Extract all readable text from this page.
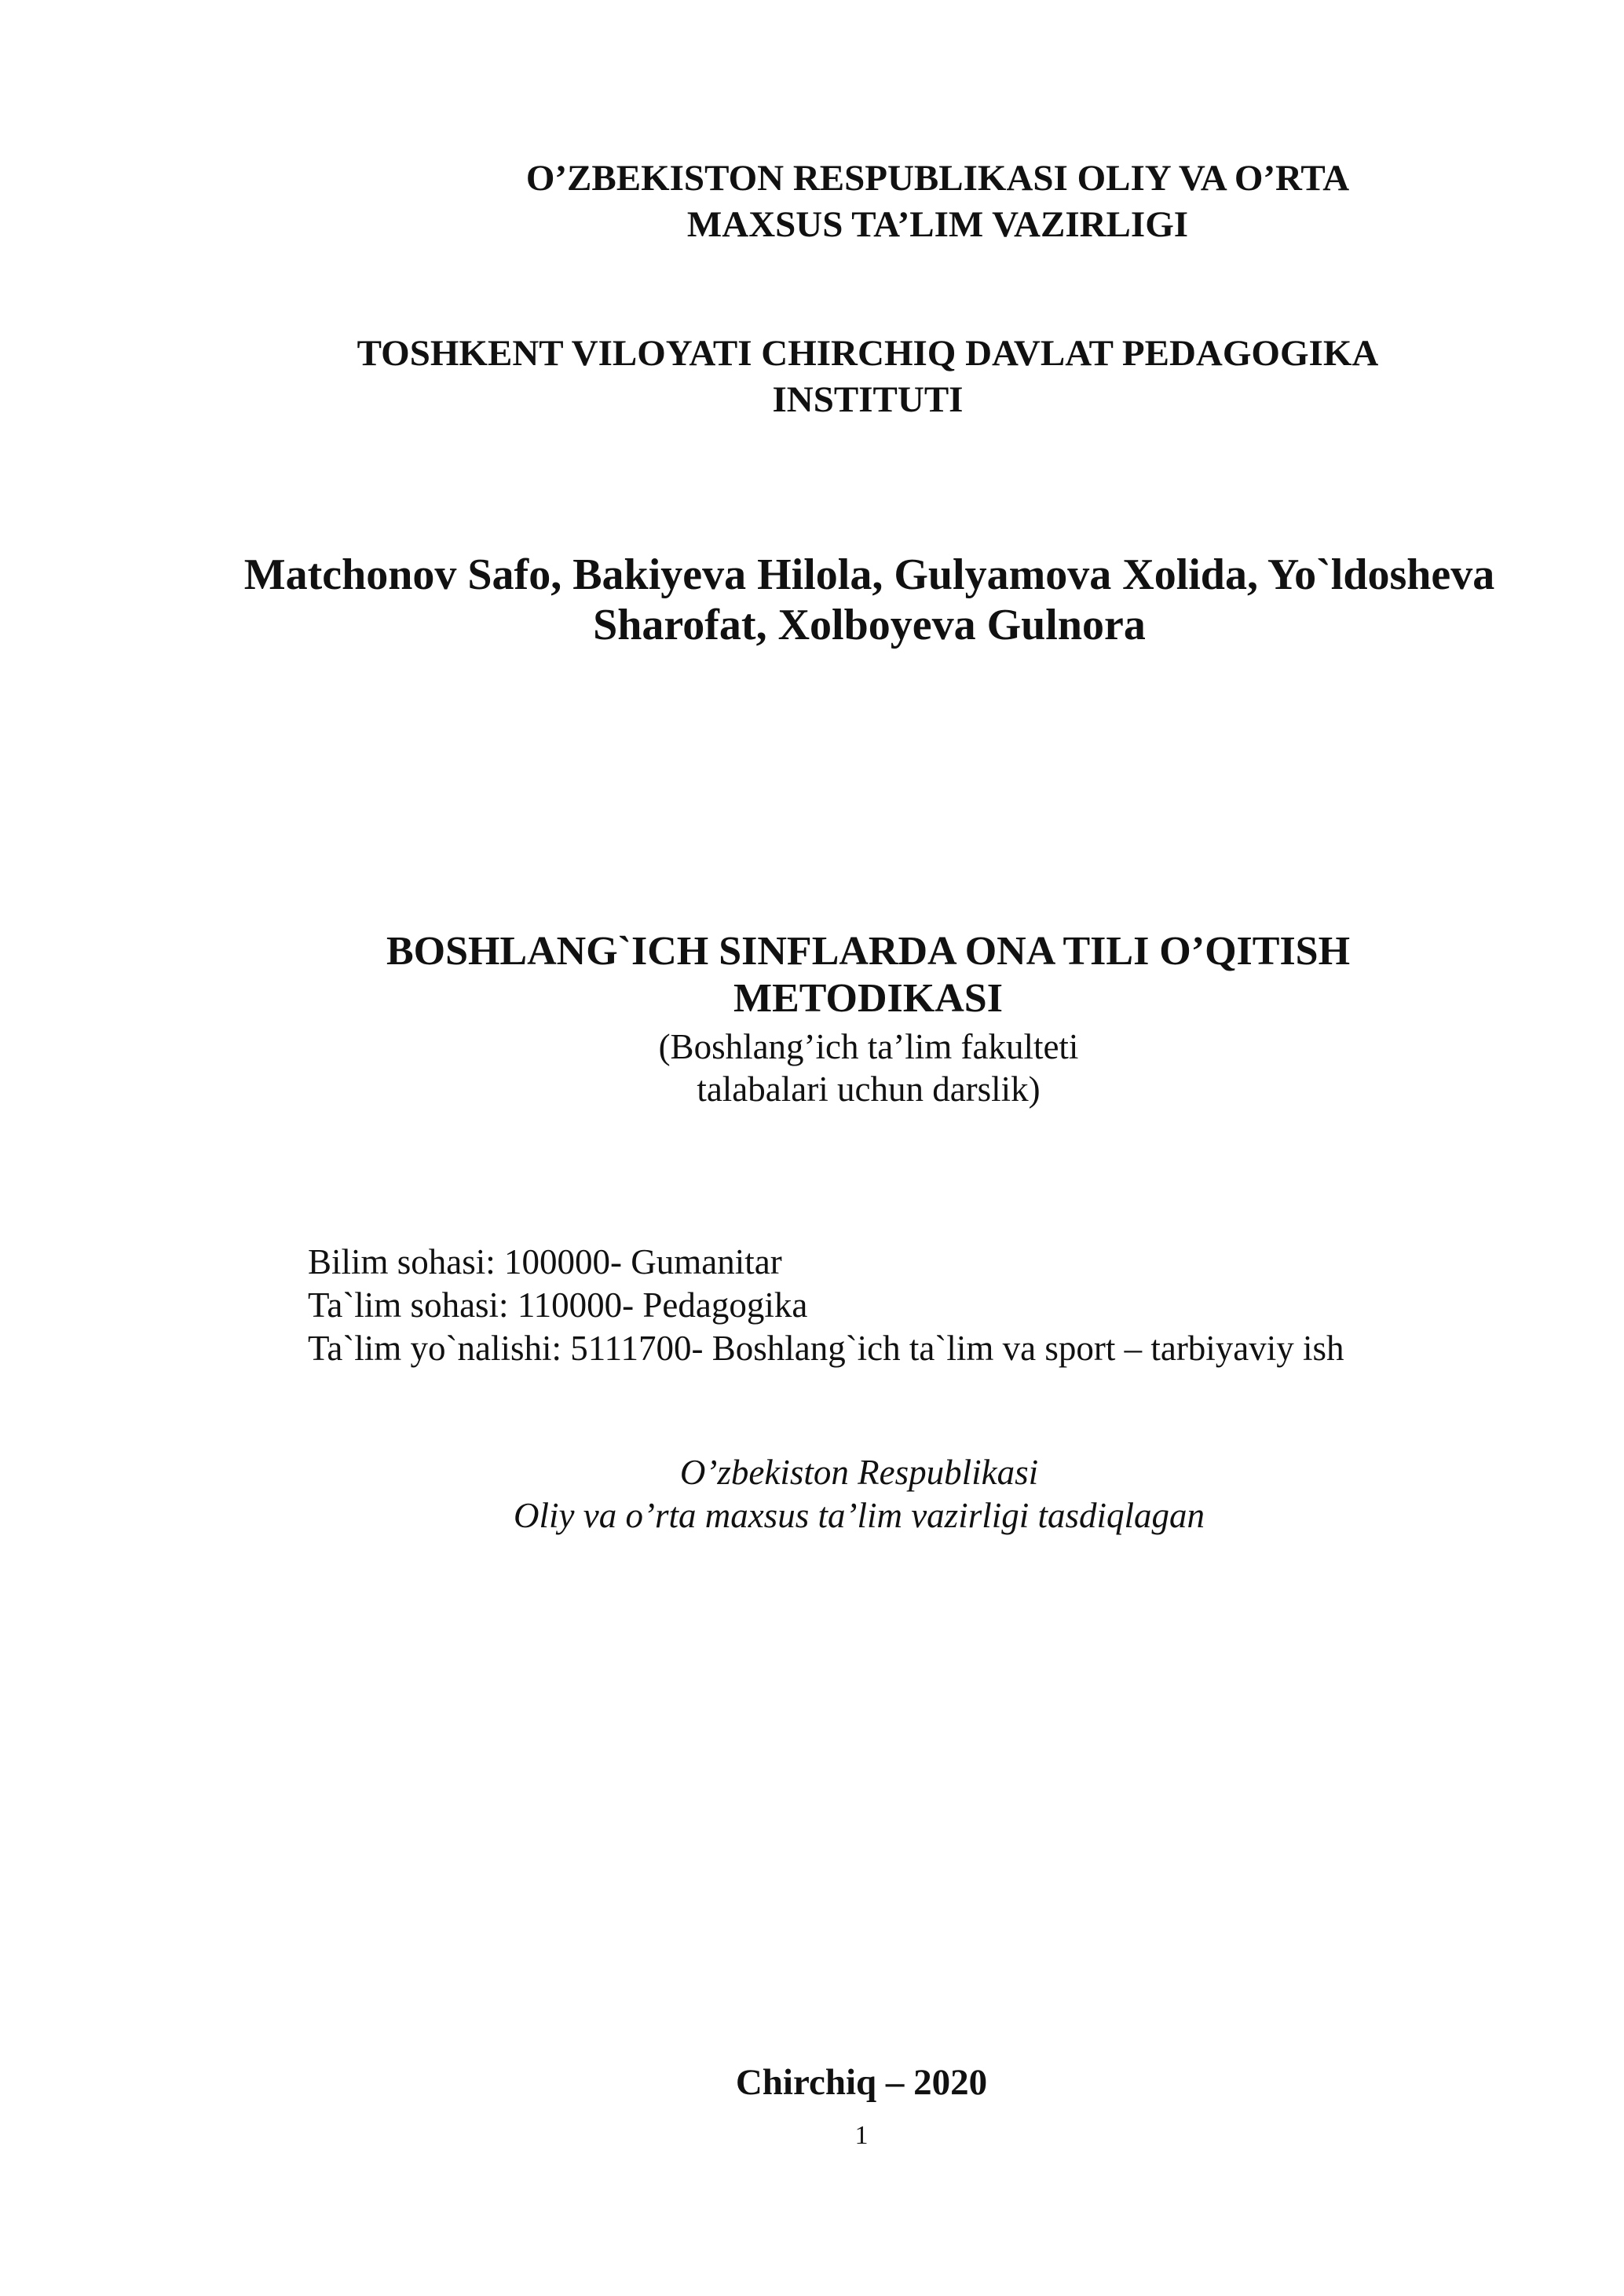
O’ZBEKISTON RESPUBLIKASI OLIY VA O’RTA
MAXSUS TA’LIM VAZIRLIGI
TOSHKENT VILOYATI CHIRCHIQ DAVLAT PEDAGOGIKA
INSTITUTI
Matchonov Safo, Bakiyeva Hilola, Gulyamova Xolida, Yo`ldosheva
Sharofat, Xolboyeva Gulnora
BOSHLANG`ICH SINFLARDA ONA TILI O’QITISH
METODIKASI
(Boshlang’ich ta’lim fakulteti
talabalari uchun darslik)
Bilim sohasi: 100000- Gumanitar
Ta`lim sohasi: 110000- Pedagogika
Ta`lim yo`nalishi: 5111700- Boshlang`ich ta`lim va sport – tarbiyaviy ish
O’zbekiston Respublikasi
Oliy va o’rta maxsus ta’lim vazirligi tasdiqlagan
Chirchiq – 2020
1
